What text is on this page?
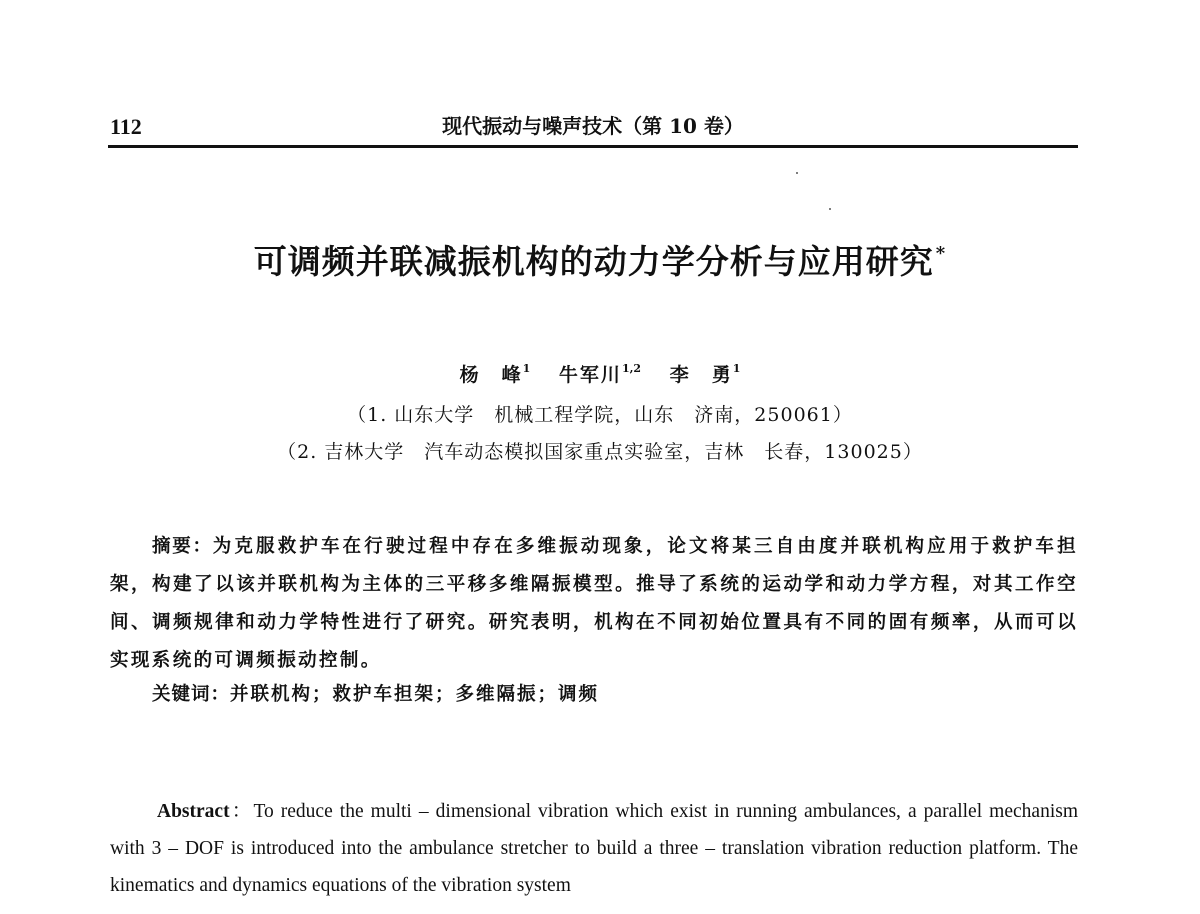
112	现代振动与噪声技术（第 10 卷）
可调频并联减振机构的动力学分析与应用研究 *
杨　峰$^1$ 牛军川$^{1,2}$ 李　勇$^1$
（1. 山东大学　机械工程学院，山东　济南，250061）
（2. 吉林大学　汽车动态模拟国家重点实验室，吉林　长春，130025）
摘要：为克服救护车在行驶过程中存在多维振动现象，论文将某三自由度并联机构应用于救护车担架，构建了以该并联机构为主体的三平移多维隔振模型。推导了系统的运动学和动力学方程，对其工作空间、调频规律和动力学特性进行了研究。研究表明，机构在不同初始位置具有不同的固有频率，从而可以实现系统的可调频振动控制。
关键词：并联机构；救护车担架；多维隔振；调频
Abstract：To reduce the multi – dimensional vibration which exist in running ambulances, a parallel mechanism with 3 – DOF is introduced into the ambulance stretcher to build a three – translation vibration reduction platform. The kinematics and dynamics equations of the vibration system
